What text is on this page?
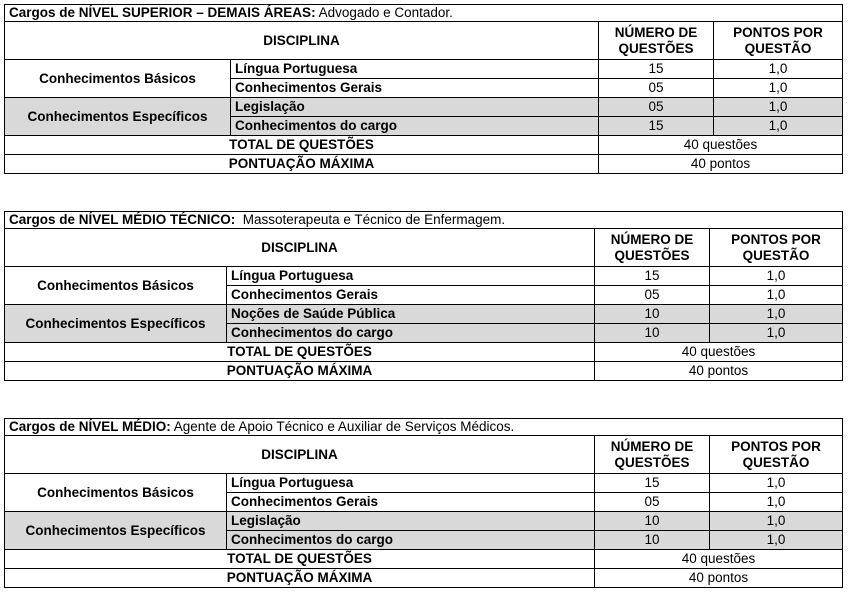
Cargos de NÍVEL SUPERIOR – DEMAIS ÁREAS: Advogado e Contador.			
DISCIPLINA		NÚMERO DE QUESTÕES	PONTOS POR QUESTÃO
Conhecimentos Básicos	Língua Portuguesa	15	1,0
	Conhecimentos Gerais	05	1,0
Conhecimentos Específicos	Legislação	05	1,0
	Conhecimentos do cargo	15	1,0
TOTAL DE QUESTÕES		40 questões	
PONTUAÇÃO MÁXIMA		40 pontos	
Cargos de NÍVEL MÉDIO TÉCNICO:  Massoterapeuta e Técnico de Enfermagem.			
DISCIPLINA		NÚMERO DE QUESTÕES	PONTOS POR QUESTÃO
Conhecimentos Básicos	Língua Portuguesa	15	1,0
	Conhecimentos Gerais	05	1,0
Conhecimentos Específicos	Noções de Saúde Pública	10	1,0
	Conhecimentos do cargo	10	1,0
TOTAL DE QUESTÕES		40 questões	
PONTUAÇÃO MÁXIMA		40 pontos	
Cargos de NÍVEL MÉDIO: Agente de Apoio Técnico e Auxiliar de Serviços Médicos.			
DISCIPLINA		NÚMERO DE QUESTÕES	PONTOS POR QUESTÃO
Conhecimentos Básicos	Língua Portuguesa	15	1,0
	Conhecimentos Gerais	05	1,0
Conhecimentos Específicos	Legislação	10	1,0
	Conhecimentos do cargo	10	1,0
TOTAL DE QUESTÕES		40 questões	
PONTUAÇÃO MÁXIMA		40 pontos	
